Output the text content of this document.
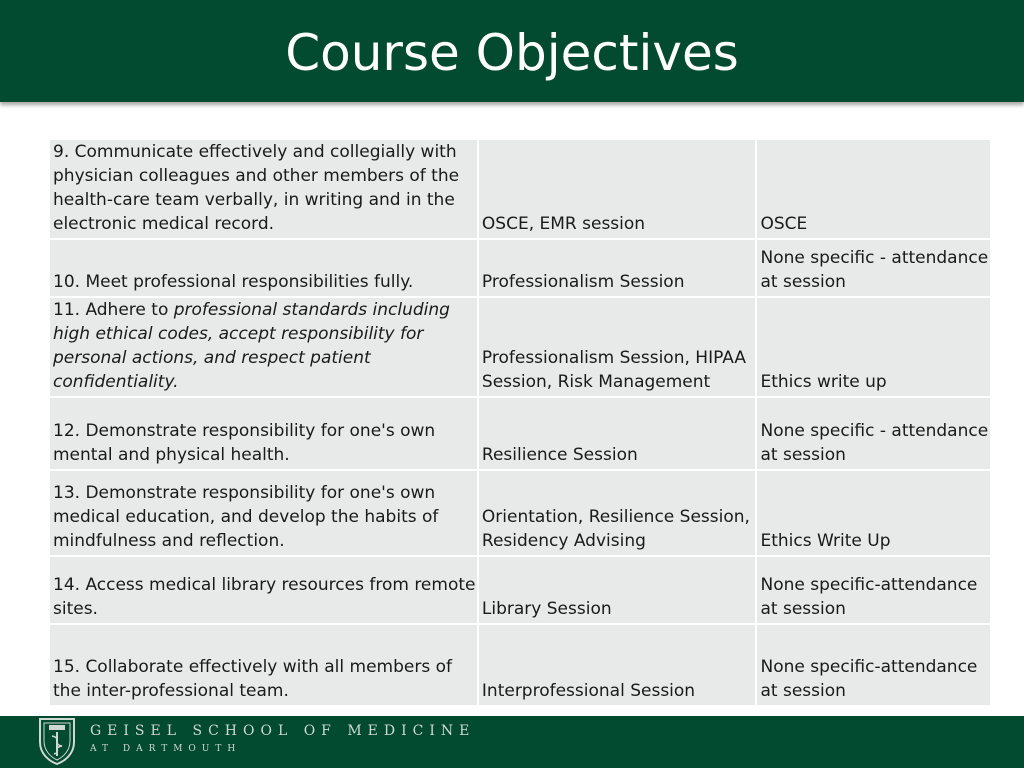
Course Objectives
9. Communicate effectively and collegially with physician colleagues and other members of the health-care team verbally, in writing and in the electronic medical record.	OSCE, EMR session	OSCE
10. Meet professional responsibilities fully.	Professionalism Session	None specific - attendance at session
11. Adhere to professional standards including high ethical codes, accept responsibility for personal actions, and respect patient confidentiality.	Professionalism Session, HIPAA Session, Risk Management	Ethics write up
12. Demonstrate responsibility for one's own mental and physical health.	Resilience Session	None specific - attendance at session
13. Demonstrate responsibility for one's own medical education, and develop the habits of mindfulness and reflection.	Orientation, Resilience Session, Residency Advising	Ethics Write Up
14. Access medical library resources from remote sites.	Library Session	None specific-attendance at session
15. Collaborate effectively with all members of the inter-professional team.	Interprofessional Session	None specific-attendance at session
GEISEL SCHOOL OF MEDICINE
AT DARTMOUTH
